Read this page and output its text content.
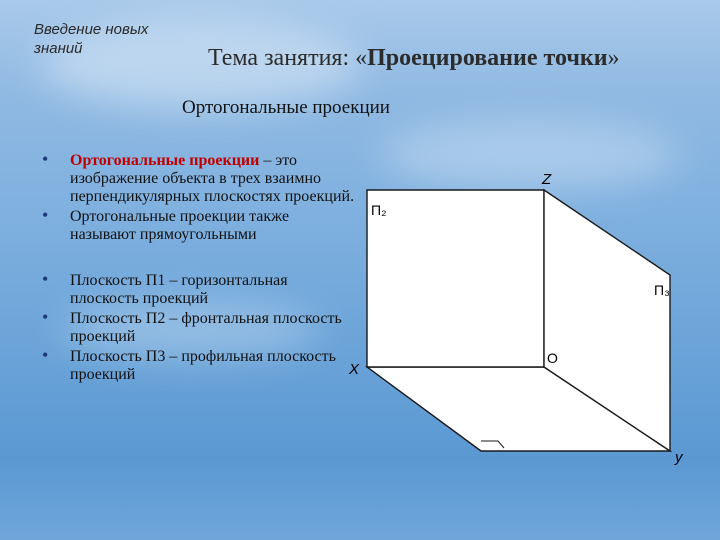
Введение новых знаний	Тема занятия: «Проецирование точки»
Ортогональные проекции
• Ортогональные проекции – это изображение объекта в трех взаимно перпендикулярных плоскостях проекций.
• Ортогональные проекции также называют прямоугольными
• Плоскость П1 – горизонтальная плоскость проекций
• Плоскость П2 – фронтальная плоскость проекций
• Плоскость П3 – профильная плоскость проекций
Z
X
y
O
П₂
П₃
